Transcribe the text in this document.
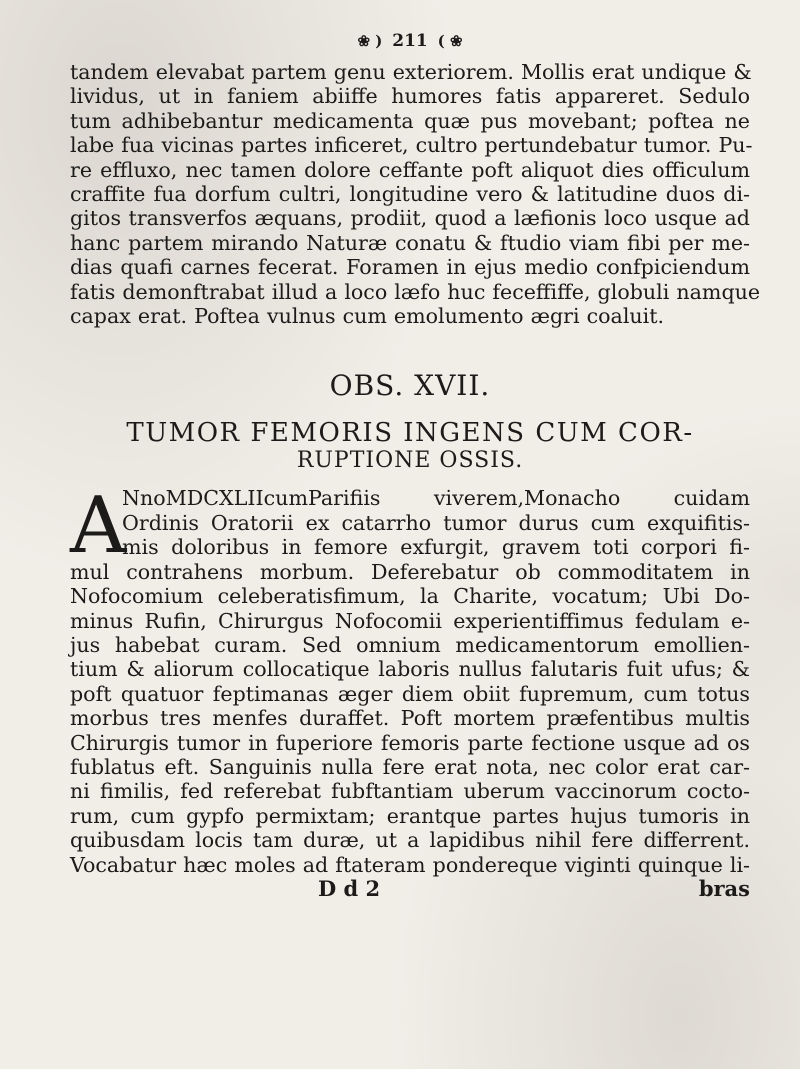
❀ ) 211 ( ❀
tandem elevabat partem genu exteriorem. Mollis erat undique &
lividus, ut in faniem abiiffe humores fatis appareret. Sedulo
tum adhibebantur medicamenta quæ pus movebant; poftea ne
labe fua vicinas partes inficeret, cultro pertundebatur tumor. Pu-
re effluxo, nec tamen dolore ceffante poft aliquot dies officulum
craffite fua dorfum cultri, longitudine vero & latitudine duos di-
gitos transverfos æquans, prodiit, quod a læfionis loco usque ad
hanc partem mirando Naturæ conatu & ftudio viam fibi per me-
dias quafi carnes fecerat. Foramen in ejus medio confpiciendum
fatis demonftrabat illud a loco læfo huc feceffiffe, globuli namque
capax erat. Poftea vulnus cum emolumento ægri coaluit.
OBS. XVII.
TUMOR FEMORIS INGENS CUM COR-
RUPTIONE OSSIS.
A
NnoMDCXLIIcumParifiis viverem,Monacho cuidam
Ordinis Oratorii ex catarrho tumor durus cum exquifitis-
mis doloribus in femore exfurgit, gravem toti corpori fi-
mul contrahens morbum. Deferebatur ob commoditatem in
Nofocomium celeberatisfimum, la Charite, vocatum; Ubi Do-
minus Rufin, Chirurgus Nofocomii experientiffimus fedulam e-
jus habebat curam. Sed omnium medicamentorum emollien-
tium & aliorum collocatique laboris nullus falutaris fuit ufus; &
poft quatuor feptimanas æger diem obiit fupremum, cum totus
morbus tres menfes duraffet. Poft mortem præfentibus multis
Chirurgis tumor in fuperiore femoris parte fectione usque ad os
fublatus eft. Sanguinis nulla fere erat nota, nec color erat car-
ni fimilis, fed referebat fubftantiam uberum vaccinorum cocto-
rum, cum gypfo permixtam; erantque partes hujus tumoris in
quibusdam locis tam duræ, ut a lapidibus nihil fere differrent.
Vocabatur hæc moles ad ftateram pondereque viginti quinque li-
D d 2	bras
